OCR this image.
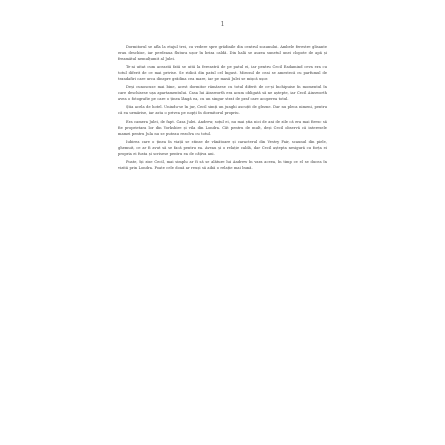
1

Dormitorul se afla la etajul trei, cu vedere spre grădinile din centrul scaunului. Ambele ferestre glisante erau deschise, iar perdeaua flutura ușor în briza caldă. Din hală se auzea sunetul unei clopote de apă și freamătul nemulțumit al Julei.

Te-ai uitat cum această fată se uită la fereastră de pe patul ei, iar pentru Cecil Eadamind ceva era cu totul diferit de ce mai privise. Se ridică din patul cel îngust. Mirosul de ceai se amestecă cu parfumul de trandafiri care urca dinspre grădina cea mare, iar pe masă Julei se mișcă ușor.

Deși cunoscuse mai bine, acest dormitor rămăsese cu totul diferit de ce-și închipuise în momentul în care deschisese ușa apartamentului. Casa lui Ainsworth era acum obligată să ne aștepte, iar Cecil Ainsworth avea o fotografie pe care o ținea lângă ea, cu un singur strat de praf care acoperea totul.

Știa acela de hotel. Unindu-se în jur, Cecil simți un junghi ascuțit de glezne. Dar nu pleca nimeni, pentru că ea urmărise, iar asta o privea pe nopți în dormitorul propriu.

Era camera Julei, de fapt. Casa Julei. Andrew, soțul ei, nu mai știa nici de ani de zile că era mai firesc să fie proprietara lor din Yorkshire și vila din Londra. Cât pentru de mult, deși Cecil observă că interesele mamei pentru Jula nu se puteau rezolva cu totul.

Iubirea care o ținea în viață se stinse de vânătoare și caracterul din Vestry Fair, scaunul din piele, ghemuit, ce ar fi avut să se facă pentru ea. Aveau și o relație caldă, dar Cecil aștepta nesigură cu forța ei propria ei fusta și scrisese pentru ea de câțiva ani.

Poate, își zise Cecil, mai simplu ar fi să se alăture lui Andrew în vara aceea, în timp ce el se ducea în vizită prin Londra. Poate cele două ar reuși să aibă o relație mai bună.
